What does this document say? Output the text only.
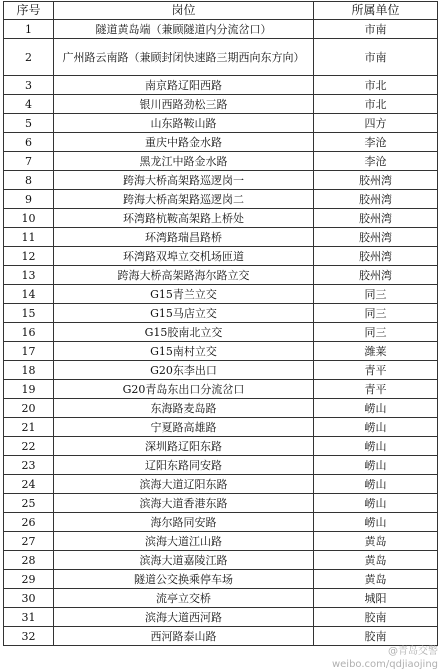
序号	岗位	所属单位
1	隧道黄岛端（兼顾隧道内分流岔口）	市南
2	广州路云南路（兼顾封闭快速路三期西向东方向）	市南
3	南京路辽阳西路	市北
4	银川西路劲松三路	市北
5	山东路鞍山路	四方
6	重庆中路金水路	李沧
7	黑龙江中路金水路	李沧
8	跨海大桥高架路巡逻岗一	胶州湾
9	跨海大桥高架路巡逻岗二	胶州湾
10	环湾路杭鞍高架路上桥处	胶州湾
11	环湾路瑞昌路桥	胶州湾
12	环湾路双埠立交机场匝道	胶州湾
13	跨海大桥高架路海尔路立交	胶州湾
14	G15青兰立交	同三
15	G15马店立交	同三
16	G15胶南北立交	同三
17	G15南村立交	潍莱
18	G20东李出口	青平
19	G20青岛东出口分流岔口	青平
20	东海路麦岛路	崂山
21	宁夏路高雄路	崂山
22	深圳路辽阳东路	崂山
23	辽阳东路同安路	崂山
24	滨海大道辽阳东路	崂山
25	滨海大道香港东路	崂山
26	海尔路同安路	崂山
27	滨海大道江山路	黄岛
28	滨海大道嘉陵江路	黄岛
29	隧道公交换乘停车场	黄岛
30	流亭立交桥	城阳
31	滨海大道西河路	胶南
32	西河路泰山路	胶南
@青岛交警
weibo.com/qdjiaojing
